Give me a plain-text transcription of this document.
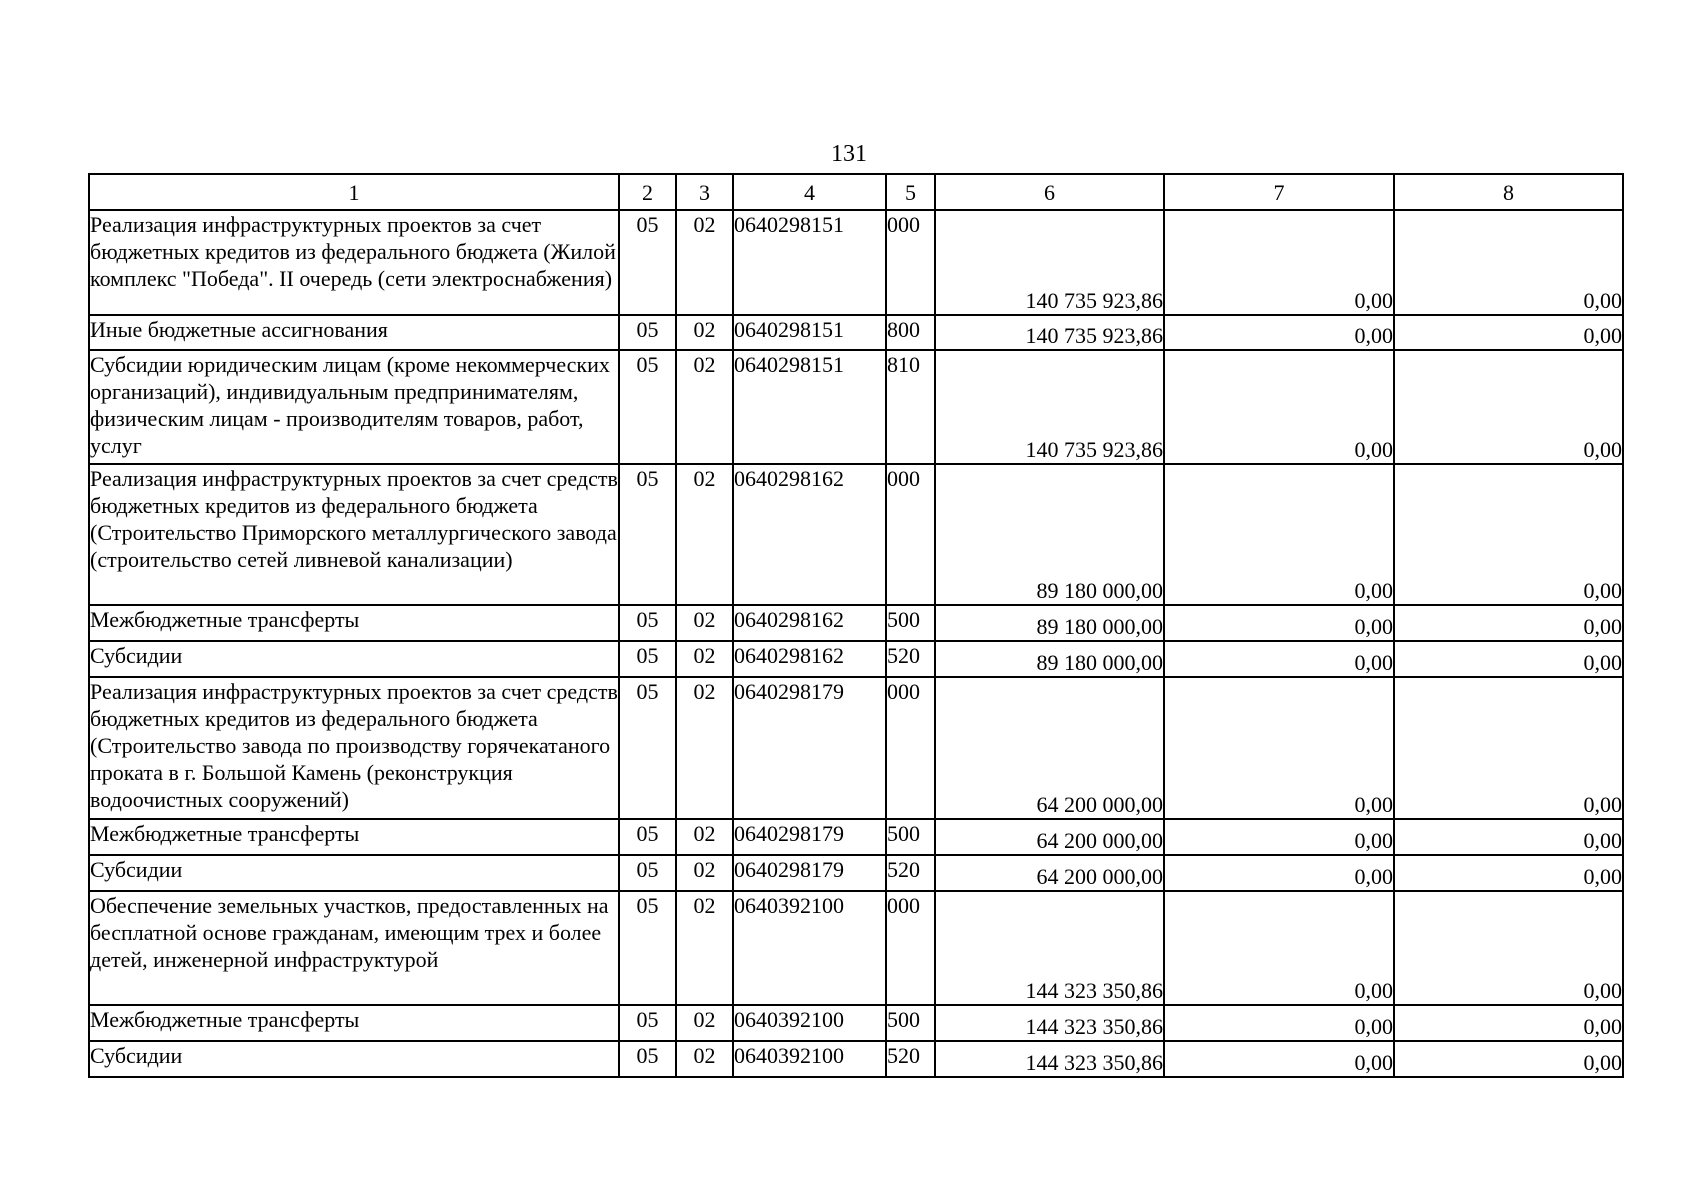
131
1	2	3	4	5	6	7	8
Реализация инфраструктурных проектов за счет бюджетных кредитов из федерального бюджета (Жилой комплекс "Победа". II очередь (сети электроснабжения)	05	02	0640298151	000	140 735 923,86	0,00	0,00
Иные бюджетные ассигнования	05	02	0640298151	800	140 735 923,86	0,00	0,00
Субсидии юридическим лицам (кроме некоммерческих организаций), индивидуальным предпринимателям, физическим лицам - производителям товаров, работ, услуг	05	02	0640298151	810	140 735 923,86	0,00	0,00
Реализация инфраструктурных проектов за счет средств бюджетных кредитов из федерального бюджета (Строительство Приморского металлургического завода (строительство сетей ливневой канализации)	05	02	0640298162	000	89 180 000,00	0,00	0,00
Межбюджетные трансферты	05	02	0640298162	500	89 180 000,00	0,00	0,00
Субсидии	05	02	0640298162	520	89 180 000,00	0,00	0,00
Реализация инфраструктурных проектов за счет средств бюджетных кредитов из федерального бюджета (Строительство завода по производству горячекатаного проката в г. Большой Камень (реконструкция водоочистных сооружений)	05	02	0640298179	000	64 200 000,00	0,00	0,00
Межбюджетные трансферты	05	02	0640298179	500	64 200 000,00	0,00	0,00
Субсидии	05	02	0640298179	520	64 200 000,00	0,00	0,00
Обеспечение земельных участков, предоставленных на бесплатной основе гражданам, имеющим трех и более детей, инженерной инфраструктурой	05	02	0640392100	000	144 323 350,86	0,00	0,00
Межбюджетные трансферты	05	02	0640392100	500	144 323 350,86	0,00	0,00
Субсидии	05	02	0640392100	520	144 323 350,86	0,00	0,00
